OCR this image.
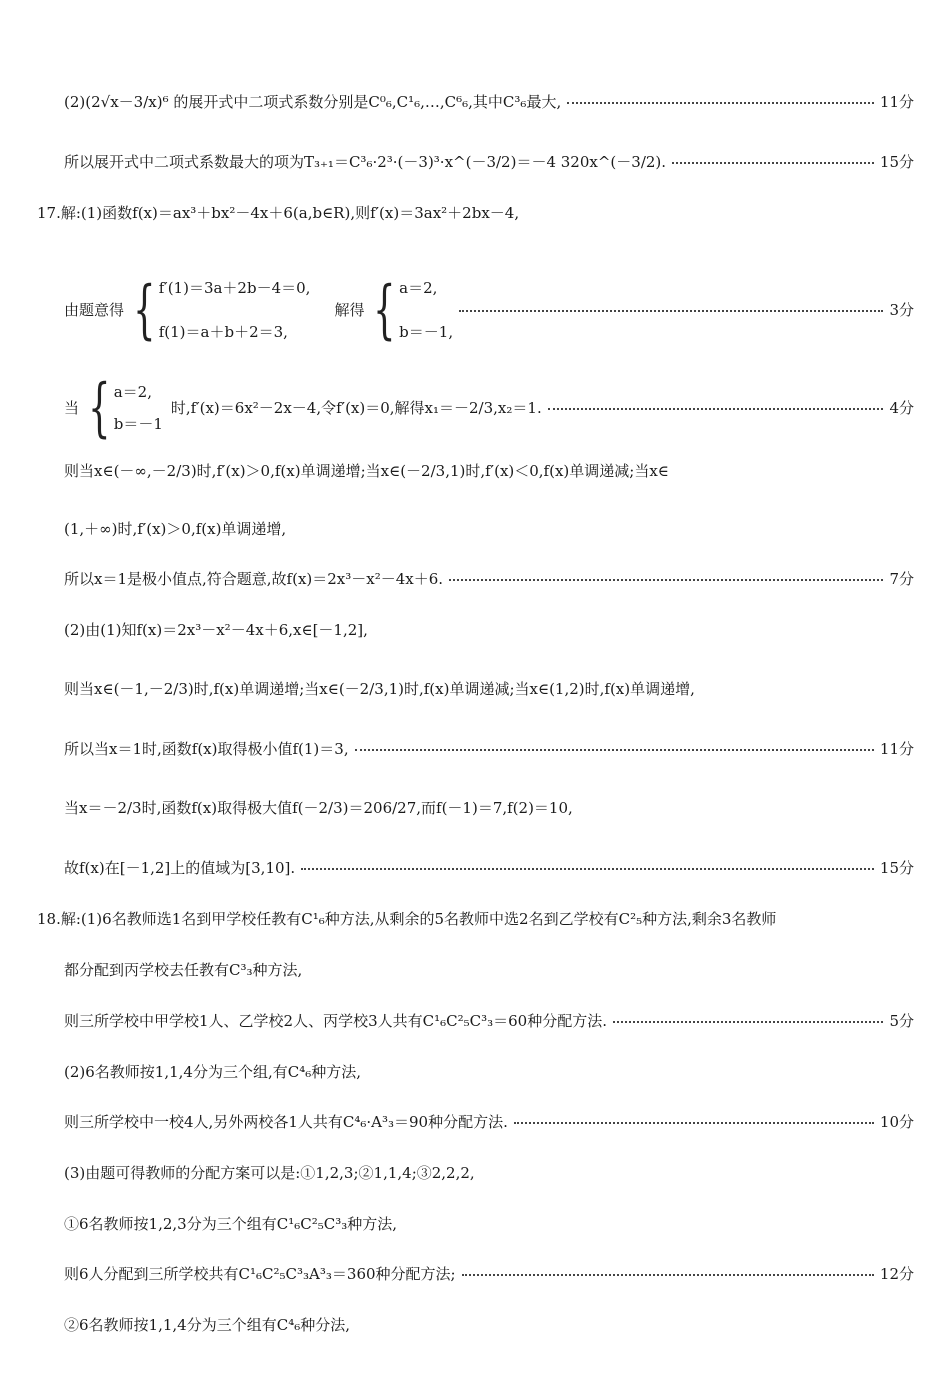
(2)(2√x－3/x)⁶ 的展开式中二项式系数分别是C⁰₆,C¹₆,…,C⁶₆,其中C³₆最大,	11分
所以展开式中二项式系数最大的项为T₃₊₁＝C³₆·2³·(－3)³·x^(－3/2)＝－4 320x^(－3/2).	15分
17.解:(1)函数f(x)＝ax³＋bx²－4x＋6(a,b∈R),则f′(x)＝3ax²＋2bx－4,
由题意得 { f′(1)＝3a＋2b－4＝0,
f(1)＝a＋b＋2＝3,
解得 { a＝2,
b＝－1,
3分
当 { a＝2,
b＝－1
时,f′(x)＝6x²－2x－4,令f′(x)＝0,解得x₁＝－2/3,x₂＝1.	4分
则当x∈(－∞,－2/3)时,f′(x)＞0,f(x)单调递增;当x∈(－2/3,1)时,f′(x)＜0,f(x)单调递减;当x∈
(1,＋∞)时,f′(x)＞0,f(x)单调递增,
所以x＝1是极小值点,符合题意,故f(x)＝2x³－x²－4x＋6.	7分
(2)由(1)知f(x)＝2x³－x²－4x＋6,x∈[－1,2],
则当x∈(－1,－2/3)时,f(x)单调递增;当x∈(－2/3,1)时,f(x)单调递减;当x∈(1,2)时,f(x)单调递增,
所以当x＝1时,函数f(x)取得极小值f(1)＝3,	11分
当x＝－2/3时,函数f(x)取得极大值f(－2/3)＝206/27,而f(－1)＝7,f(2)＝10,
故f(x)在[－1,2]上的值域为[3,10].	15分
18.解:(1)6名教师选1名到甲学校任教有C¹₆种方法,从剩余的5名教师中选2名到乙学校有C²₅种方法,剩余3名教师
都分配到丙学校去任教有C³₃种方法,
则三所学校中甲学校1人、乙学校2人、丙学校3人共有C¹₆C²₅C³₃＝60种分配方法.	5分
(2)6名教师按1,1,4分为三个组,有C⁴₆种方法,
则三所学校中一校4人,另外两校各1人共有C⁴₆·A³₃＝90种分配方法.	10分
(3)由题可得教师的分配方案可以是:①1,2,3;②1,1,4;③2,2,2,
①6名教师按1,2,3分为三个组有C¹₆C²₅C³₃种方法,
则6人分配到三所学校共有C¹₆C²₅C³₃A³₃＝360种分配方法;	12分
②6名教师按1,1,4分为三个组有C⁴₆种分法,
